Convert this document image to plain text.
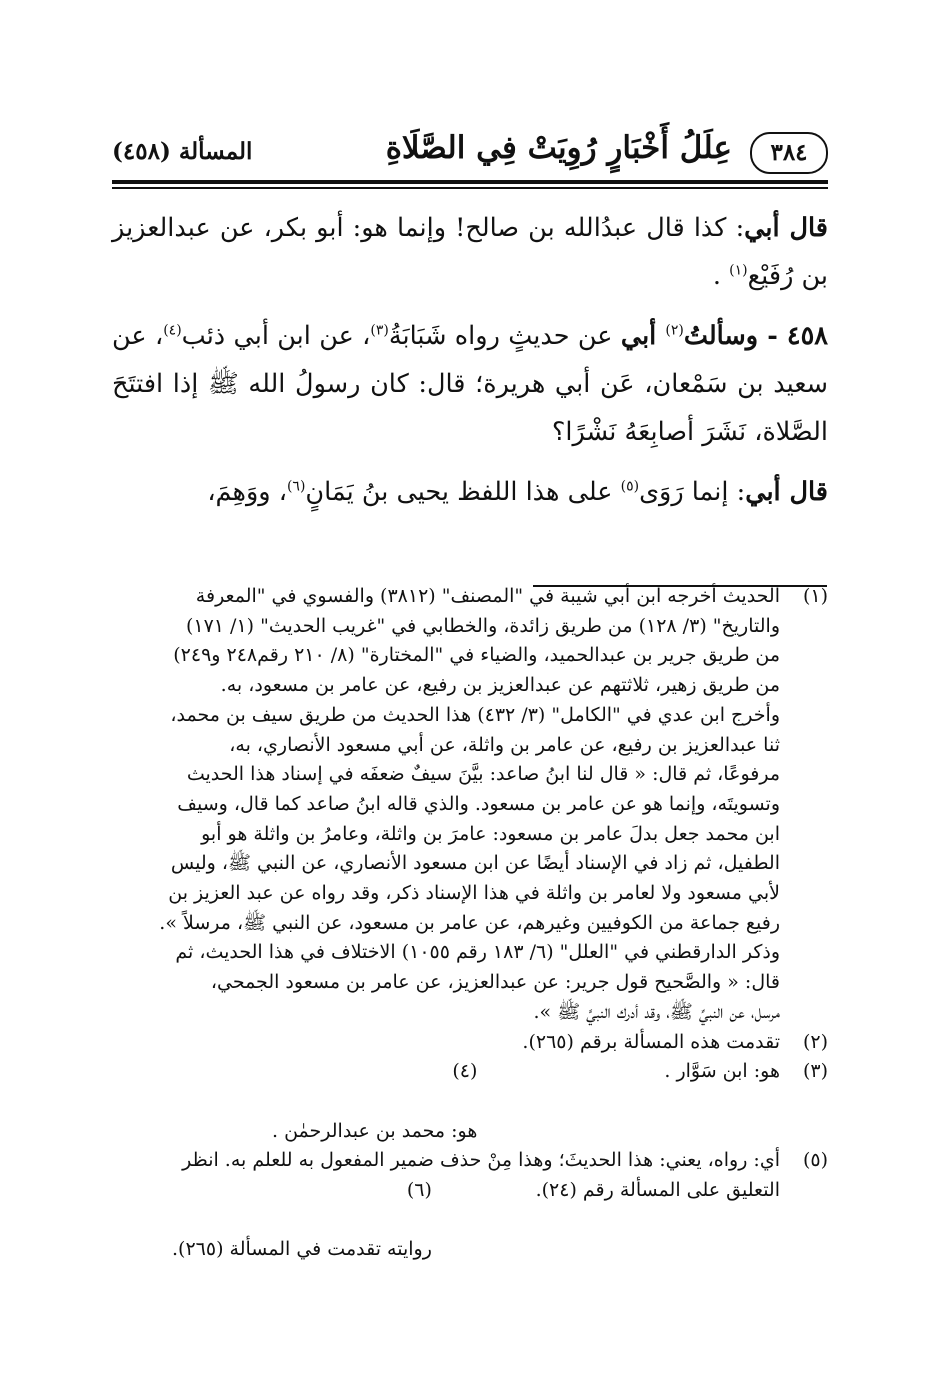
٣٨٤
عِلَلُ أَخْبَارٍ رُوِيَتْ فِي الصَّلَاةِ
المسألة (٤٥٨)

قال أبي: كذا قال عبدُالله بن صالح! وإنما هو: أبو بكر، عن عبدالعزيز بن رُفَيْع$^{(١)}$ .

٤٥٨ - وسألتُ$^{(٢)}$ أبي عن حديثٍ رواه شَبَابَةُ$^{(٣)}$، عن ابن أبي ذئب$^{(٤)}$، عن سعيد بن سَمْعان، عَن أبي هريرة؛ قال: كان رسولُ الله ﷺ إذا افتتَحَ الصَّلاة، نَشَرَ أصابِعَهُ نَشْرًا؟

قال أبي: إنما رَوَى$^{(٥)}$ على هذا اللفظ يحيى بنُ يَمَانٍ$^{(٦)}$، ووَهِمَ،

(١)
الحديث أخرجه ابن أبي شيبة في "المصنف" (٣٨١٢) والفسوي في "المعرفة
والتاريخ" (٣/ ١٢٨) من طريق زائدة، والخطابي في "غريب الحديث" (١/ ١٧١)
من طريق جرير بن عبدالحميد، والضياء في "المختارة" (٨/ ٢١٠ رقم٢٤٨ و٢٤٩)
من طريق زهير، ثلاثتهم عن عبدالعزيز بن رفيع، عن عامر بن مسعود، به.
وأخرج ابن عدي في "الكامل" (٣/ ٤٣٢) هذا الحديث من طريق سيف بن محمد،
ثنا عبدالعزيز بن رفيع، عن عامر بن واثلة، عن أبي مسعود الأنصاري، به،
مرفوعًا، ثم قال: « قال لنا ابنُ صاعد: بيَّنَ سيفٌ ضعفَه في إسناد هذا الحديث
وتسويتَه، وإنما هو عن عامر بن مسعود. والذي قاله ابنُ صاعد كما قال، وسيف
ابن محمد جعل بدلَ عامر بن مسعود: عامرَ بن واثلة، وعامرُ بن واثلة هو أبو
الطفيل، ثم زاد في الإسناد أيضًا عن ابن مسعود الأنصاري، عن النبي ﷺ، وليس
لأبي مسعود ولا لعامر بن واثلة في هذا الإسناد ذكر، وقد رواه عن عبد العزيز بن
رفيع جماعة من الكوفيين وغيرهم، عن عامر بن مسعود، عن النبي ﷺ، مرسلاً ».
وذكر الدارقطني في "العلل" (٦/ ١٨٣ رقم ١٠٥٥) الاختلاف في هذا الحديث، ثم
قال: « والصَّحيح قول جرير: عن عبدالعزيز، عن عامر بن مسعود الجمحي،
مرسل، عن النبيِّ ﷺ، وقد أدرك النبيَّ ﷺ ».
(٢)
تقدمت هذه المسألة برقم (٢٦٥).
(٣)
هو: ابن سَوَّار .
(٤)

هو: محمد بن عبدالرحمٰن .
(٥)
أي: رواه، يعني: هذا الحديثَ؛ وهذا مِنْ حذف ضمير المفعول به للعلم به. انظر
التعليق على المسألة رقم (٢٤).
(٦)

روايته تقدمت في المسألة (٢٦٥).
